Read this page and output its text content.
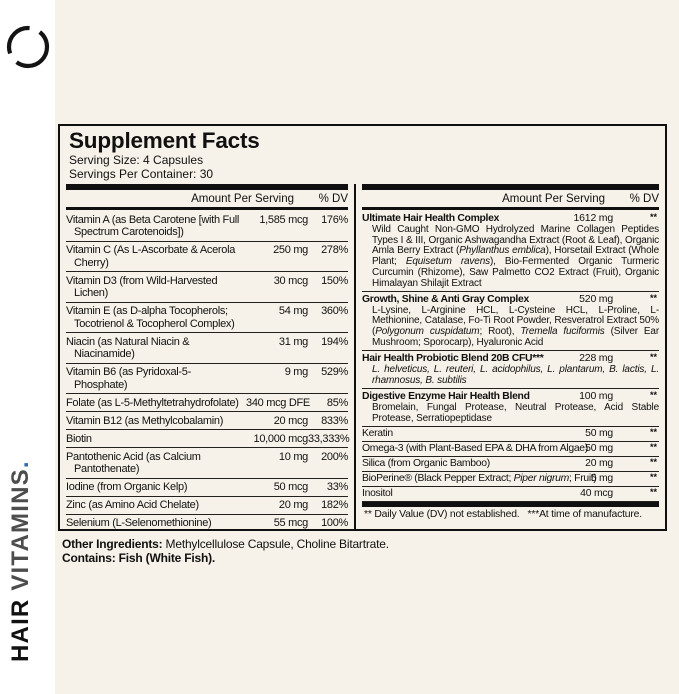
HAIR VITAMINS.
Supplement Facts
Serving Size: 4 Capsules
Servings Per Container: 30
Amount Per Serving	% DV
Vitamin A (as Beta Carotene [with Full Spectrum Carotenoids])
1,585 mcg	176%
Vitamin C (As L-Ascorbate & Acerola Cherry)
250 mg	278%
Vitamin D3 (from Wild-Harvested Lichen)
30 mcg	150%
Vitamin E (as D-alpha Tocopherols; Tocotrienol & Tocopherol Complex)
54 mg	360%
Niacin (as Natural Niacin & Niacinamide)
31 mg	194%
Vitamin B6 (as Pyridoxal-5-Phosphate)
9 mg	529%
Folate (as L-5-Methyltetrahydrofolate) 340 mcg DFE	85%
Vitamin B12 (as Methylcobalamin)	20 mcg	833%
Biotin	10,000 mcg 33,333%
Pantothenic Acid (as Calcium Pantothenate)
10 mg	200%
Iodine (from Organic Kelp)	50 mcg	33%
Zinc (as Amino Acid Chelate)	20 mg	182%
Selenium (L-Selenomethionine)	55 mcg	100%
Amount Per Serving	% DV
Ultimate Hair Health Complex	1612 mg	**

Wild Caught Non-GMO Hydrolyzed Marine Collagen Peptides Types I & III, Organic Ashwagandha Extract (Root & Leaf), Organic Amla Berry Extract (Phyllanthus emblica), Horsetail Extract (Whole Plant; Equisetum ravens), Bio-Fermented Organic Turmeric Curcumin (Rhizome), Saw Palmetto CO2 Extract (Fruit), Organic Himalayan Shilajit Extract

Growth, Shine & Anti Gray Complex	520 mg	**

L-Lysine, L-Arginine HCL, L-Cysteine HCL, L-Proline, L-Methionine, Catalase, Fo-Ti Root Powder, Resveratrol Extract 50% (Polygonum cuspidatum; Root), Tremella fuciformis (Silver Ear Mushroom; Sporocarp), Hyaluronic Acid

Hair Health Probiotic Blend 20B CFU***	228 mg	**

L. helveticus, L. reuteri, L. acidophilus, L. plantarum, B. lactis, L. rhamnosus, B. subtilis

Digestive Enzyme Hair Health Blend	100 mg	**

Bromelain, Fungal Protease, Neutral Protease, Acid Stable Protease, Serratiopeptidase

Keratin	50 mg	**
Omega-3 (with Plant-Based EPA & DHA from Algae)
50 mg	**
Silica (from Organic Bamboo)	20 mg	**
BioPerine® (Black Pepper Extract; Piper nigrum; Fruit)
5 mg	**
Inositol	40 mcg	**
** Daily Value (DV) not established.   ***At time of manufacture.
Other Ingredients: Methylcellulose Capsule, Choline Bitartrate.
Contains: Fish (White Fish).
